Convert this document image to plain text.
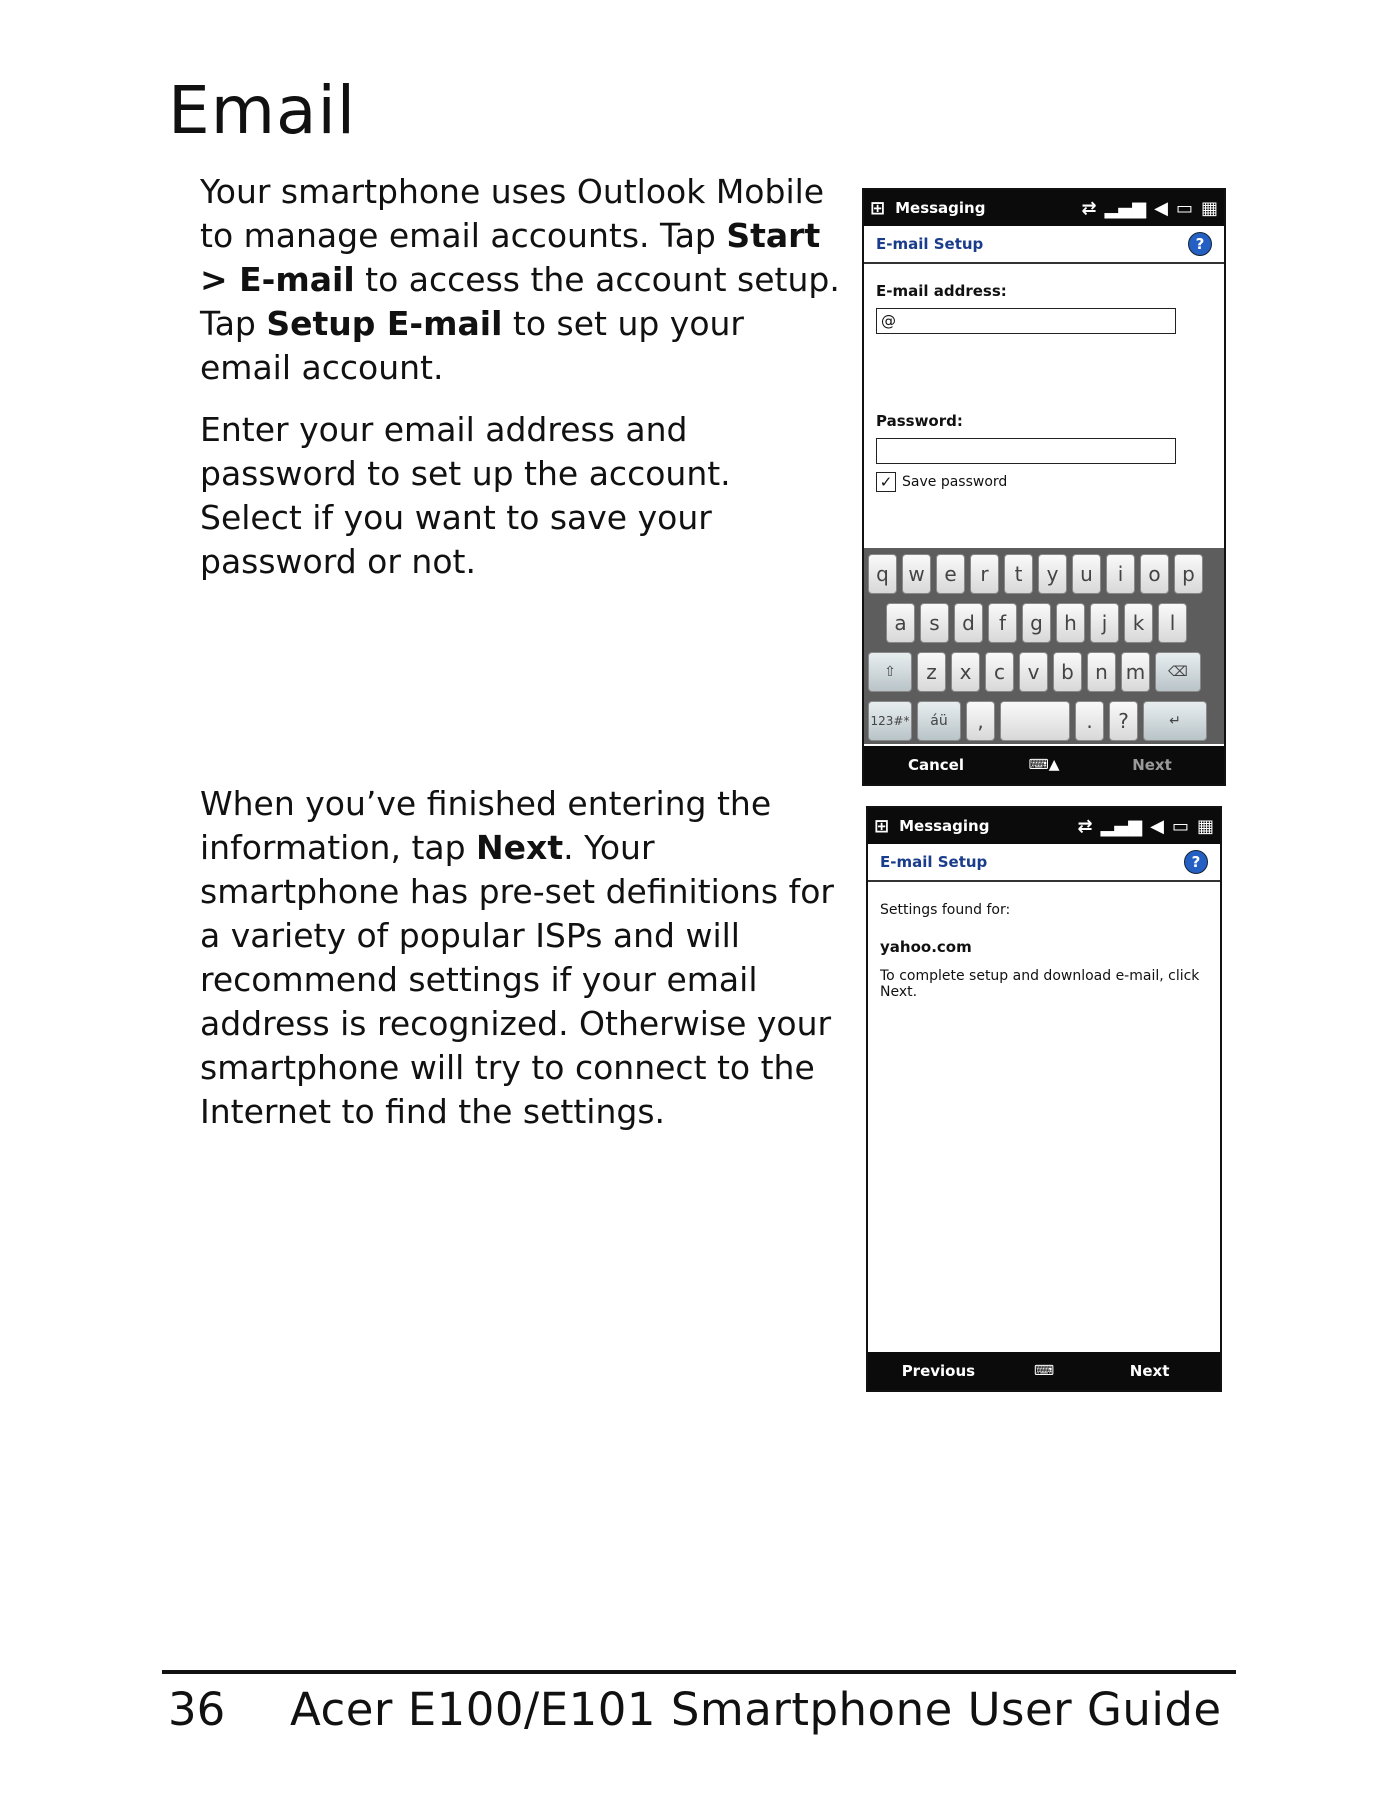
Email

Your smartphone uses Outlook Mobile to manage email accounts. Tap Start > E-mail to access the account setup. Tap Setup E-mail to set up your email account.

Enter your email address and password to set up the account. Select if you want to save your password or not.

When you’ve finished entering the information, tap Next. Your smartphone has pre-set definitions for a variety of popular ISPs and will recommend settings if your email address is recognized. Otherwise your smartphone will try to connect to the Internet to find the settings.

⊞ Messaging	⇄ ▂▄▆ ◀ ▭ ▦
E-mail Setup	?
E-mail address:
@
Password:
✓ Save password
q w e	r	t	y	u	i	o	p
a	s	d	f	g	h	j	k	l
⇧	z	x	c	v	b	n m	⌫
123#*	áü	,	.	?	↵
Cancel	⌨▲	Next
⊞ Messaging	⇄ ▂▄▆ ◀ ▭ ▦
E-mail Setup	?

Settings found for:

yahoo.com

To complete setup and download e-mail, click Next.

Previous	⌨	Next
36 Acer E100/E101 Smartphone User Guide
